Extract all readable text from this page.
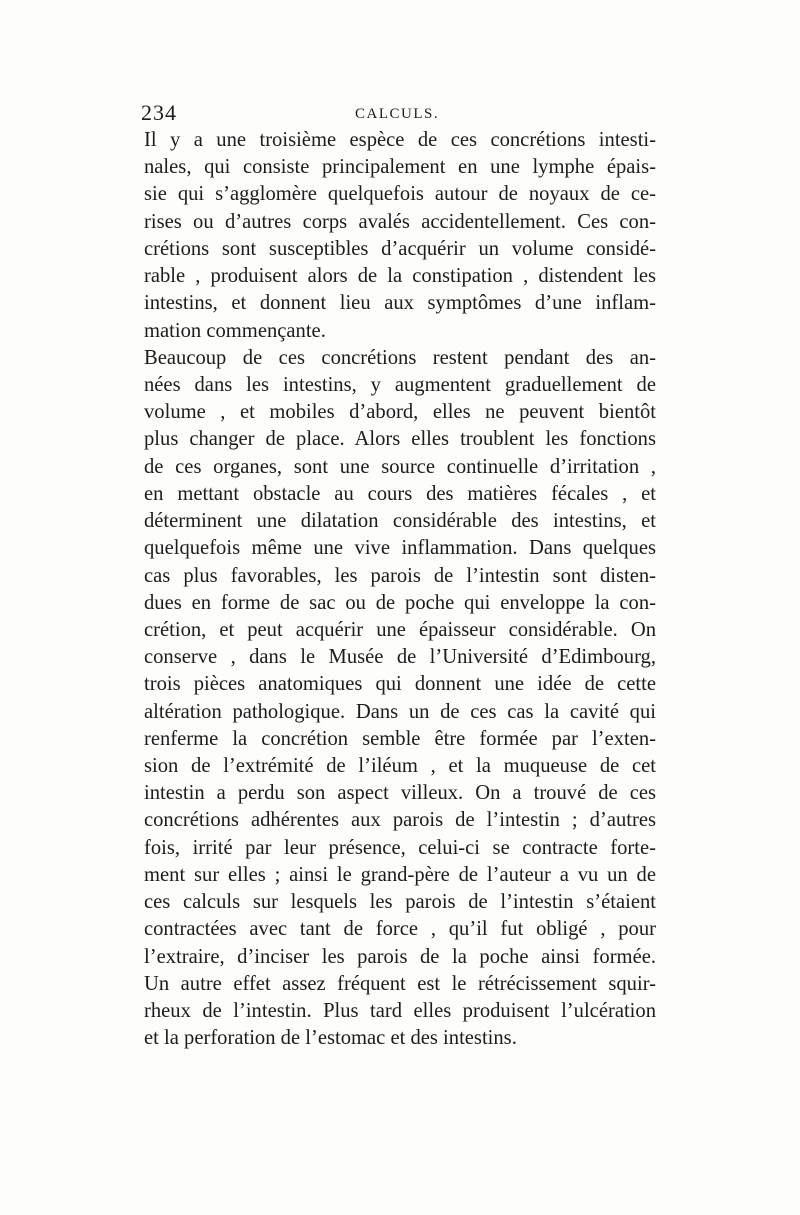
234	CALCULS.
Il y a une troisième espèce de ces concrétions intesti-
nales, qui consiste principalement en une lymphe épais-
sie qui s’agglomère quelquefois autour de noyaux de ce-
rises ou d’autres corps avalés accidentellement. Ces con-
crétions sont susceptibles d’acquérir un volume considé-
rable , produisent alors de la constipation , distendent les
intestins, et donnent lieu aux symptômes d’une inflam-
mation commençante.
Beaucoup de ces concrétions restent pendant des an-
nées dans les intestins, y augmentent graduellement de
volume , et mobiles d’abord, elles ne peuvent bientôt
plus changer de place. Alors elles troublent les fonctions
de ces organes, sont une source continuelle d’irritation ,
en mettant obstacle au cours des matières fécales , et
déterminent une dilatation considérable des intestins, et
quelquefois même une vive inflammation. Dans quelques
cas plus favorables, les parois de l’intestin sont disten-
dues en forme de sac ou de poche qui enveloppe la con-
crétion, et peut acquérir une épaisseur considérable. On
conserve , dans le Musée de l’Université d’Edimbourg,
trois pièces anatomiques qui donnent une idée de cette
altération pathologique. Dans un de ces cas la cavité qui
renferme la concrétion semble être formée par l’exten-
sion de l’extrémité de l’iléum , et la muqueuse de cet
intestin a perdu son aspect villeux. On a trouvé de ces
concrétions adhérentes aux parois de l’intestin ; d’autres
fois, irrité par leur présence, celui-ci se contracte forte-
ment sur elles ; ainsi le grand-père de l’auteur a vu un de
ces calculs sur lesquels les parois de l’intestin s’étaient
contractées avec tant de force , qu’il fut obligé , pour
l’extraire, d’inciser les parois de la poche ainsi formée.
Un autre effet assez fréquent est le rétrécissement squir-
rheux de l’intestin. Plus tard elles produisent l’ulcération
et la perforation de l’estomac et des intestins.
